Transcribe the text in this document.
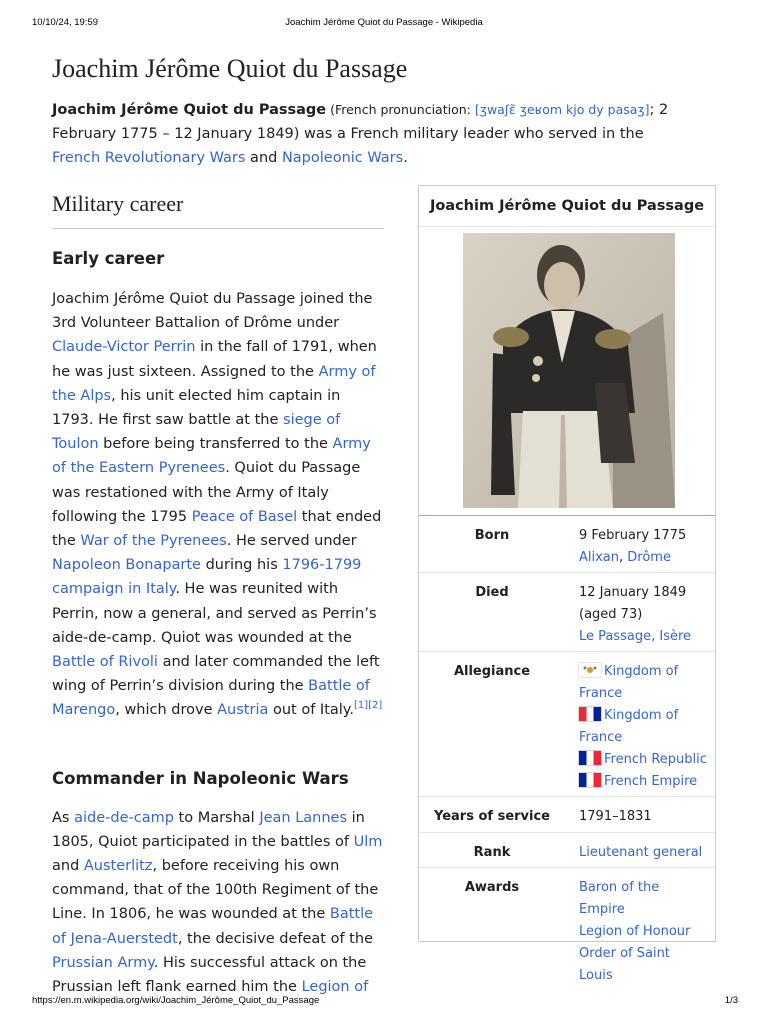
10/10/24, 19:59	Joachim Jérôme Quiot du Passage - Wikipedia
Joachim Jérôme Quiot du Passage

Joachim Jérôme Quiot du Passage (French pronunciation: [ʒwaʃɛ̃ ʒeʁom kjo dy pasaʒ]; 2 February 1775 – 12 January 1849) was a French military leader who served in the French Revolutionary Wars and Napoleonic Wars.

Military career
Early career

Joachim Jérôme Quiot du Passage joined the 3rd Volunteer Battalion of Drôme under Claude-Victor Perrin in the fall of 1791, when he was just sixteen. Assigned to the Army of the Alps, his unit elected him captain in 1793. He first saw battle at the siege of Toulon before being transferred to the Army of the Eastern Pyrenees. Quiot du Passage was restationed with the Army of Italy following the 1795 Peace of Basel that ended the War of the Pyrenees. He served under Napoleon Bonaparte during his 1796-1799 campaign in Italy. He was reunited with Perrin, now a general, and served as Perrin’s aide-de-camp. Quiot was wounded at the Battle of Rivoli and later commanded the left wing of Perrin’s division during the Battle of Marengo, which drove Austria out of Italy.[1][2]

Commander in Napoleonic Wars

As aide-de-camp to Marshal Jean Lannes in 1805, Quiot participated in the battles of Ulm and Austerlitz, before receiving his own command, that of the 100th Regiment of the Line. In 1806, he was wounded at the Battle of Jena-Auerstedt, the decisive defeat of the Prussian Army. His successful attack on the Prussian left flank earned him the Legion of

Joachim Jérôme Quiot du Passage
Born	9 February 1775
Alixan, Drôme
Died	12 January 1849
(aged 73)
Le Passage, Isère
Allegiance	Kingdom of France
Kingdom of France
French Republic
French Empire
Years of service	1791–1831
Rank	Lieutenant general
Awards	Baron of the Empire
Legion of Honour
Order of Saint Louis
https://en.m.wikipedia.org/wiki/Joachim_Jérôme_Quiot_du_Passage	1/3
